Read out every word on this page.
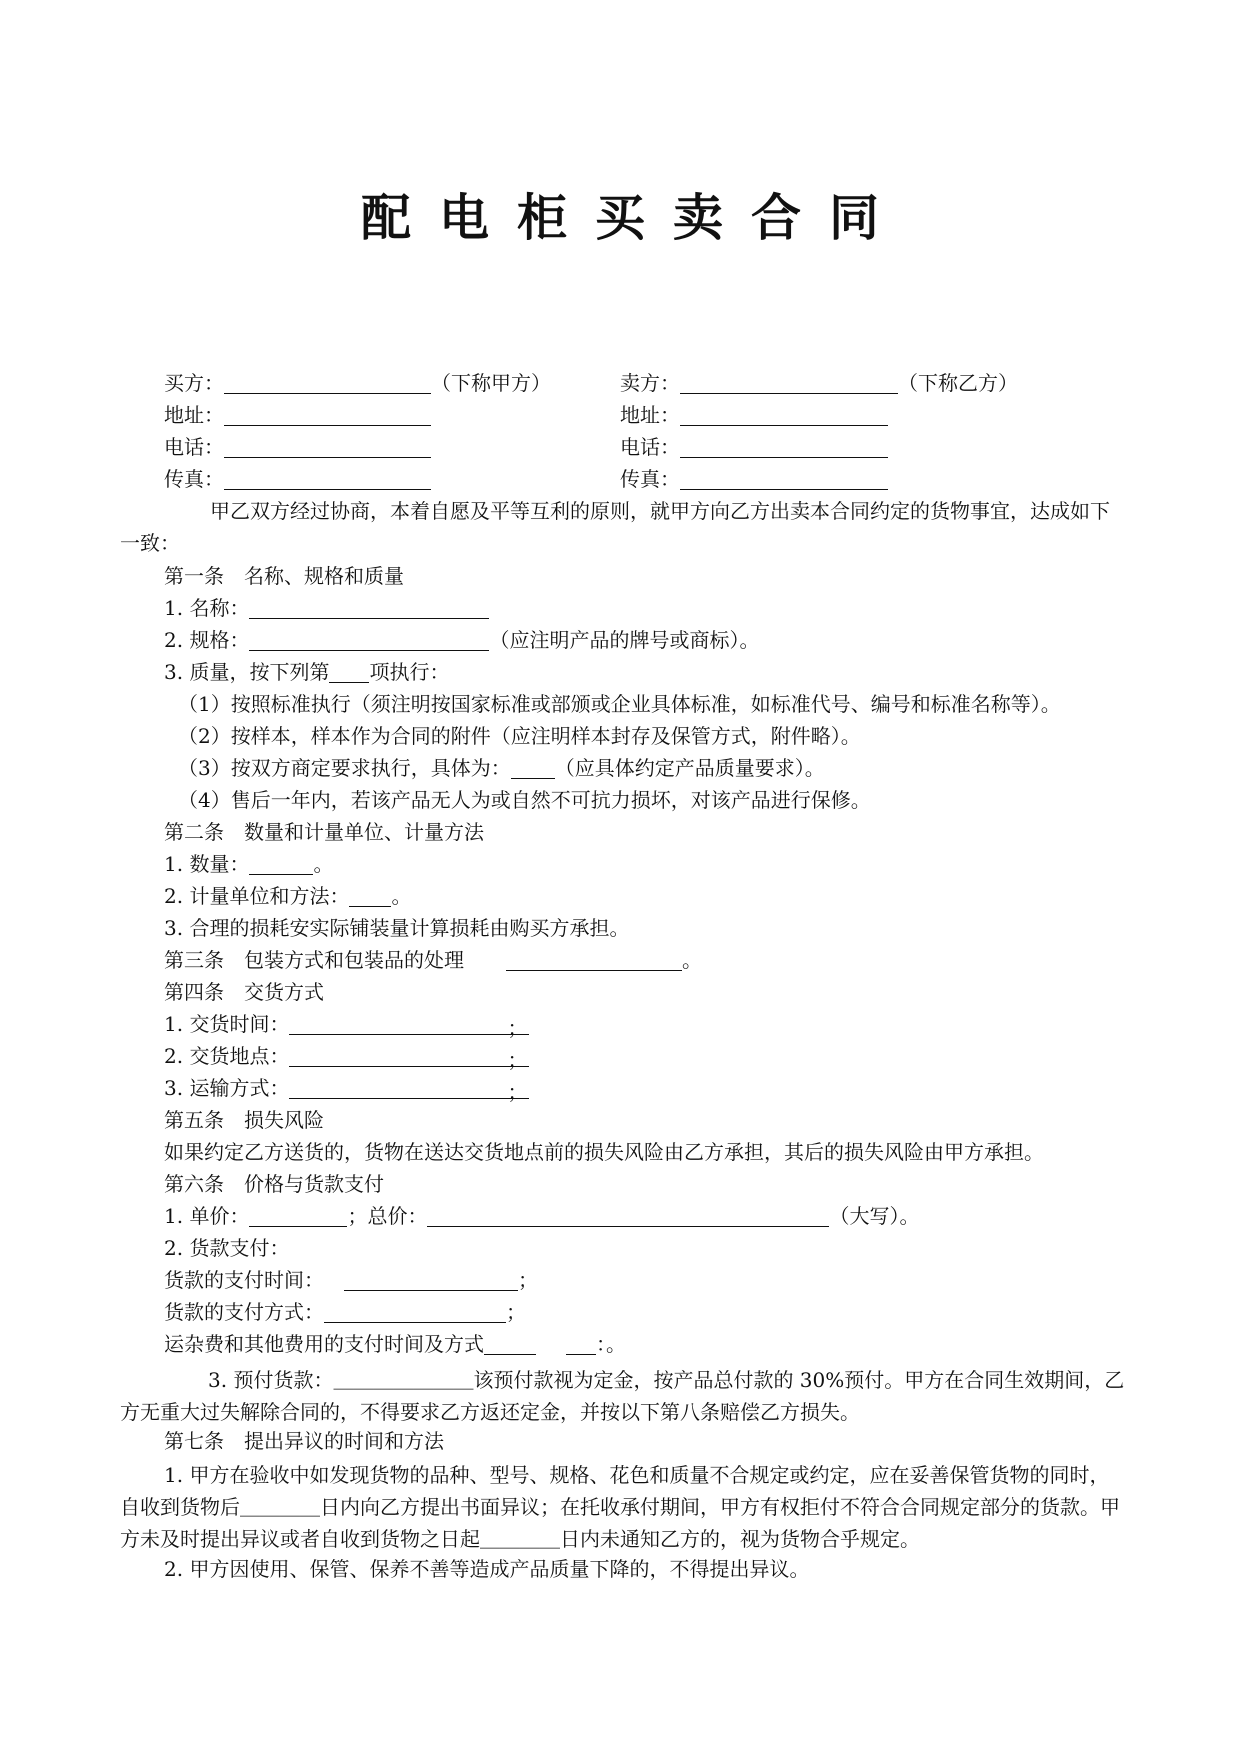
配电柜买卖合同
买方：	（下称甲方）	卖方：	（下称乙方）
地址：	地址：
电话：	电话：
传真：	传真：
甲乙双方经过协商，本着自愿及平等互利的原则，就甲方向乙方出卖本合同约定的货物事宜，达成如下一致：
第一条　名称、规格和质量
1. 名称：
2. 规格：	（应注明产品的牌号或商标）。
3. 质量，按下列第 项执行：
（1）按照标准执行（须注明按国家标准或部颁或企业具体标准，如标准代号、编号和标准名称等）。
（2）按样本，样本作为合同的附件（应注明样本封存及保管方式，附件略）。
（3）按双方商定要求执行，具体为： （应具体约定产品质量要求）。
（4）售后一年内，若该产品无人为或自然不可抗力损坏，对该产品进行保修。
第二条　数量和计量单位、计量方法
1. 数量：	。
2. 计量单位和方法： 。
3. 合理的损耗安实际铺装量计算损耗由购买方承担。
第三条　包装方式和包装品的处理	。
第四条　交货方式
1. 交货时间：	；
2. 交货地点：	；
3. 运输方式：	；
第五条　损失风险
如果约定乙方送货的，货物在送达交货地点前的损失风险由乙方承担，其后的损失风险由甲方承担。
第六条　价格与货款支付
1. 单价：	；总价：	（大写）。
2. 货款支付：
货款的支付时间：	；
货款的支付方式：	；
运杂费和其他费用的支付时间及方式	：。
3. 预付货款：＿＿＿＿＿＿＿该预付款视为定金，按产品总付款的 30%预付。甲方在合同生效期间，乙方无重大过失解除合同的，不得要求乙方返还定金，并按以下第八条赔偿乙方损失。
第七条　提出异议的时间和方法
1. 甲方在验收中如发现货物的品种、型号、规格、花色和质量不合规定或约定，应在妥善保管货物的同时，自收到货物后＿＿＿＿日内向乙方提出书面异议；在托收承付期间，甲方有权拒付不符合合同规定部分的货款。甲方未及时提出异议或者自收到货物之日起＿＿＿＿日内未通知乙方的，视为货物合乎规定。
2. 甲方因使用、保管、保养不善等造成产品质量下降的，不得提出异议。
